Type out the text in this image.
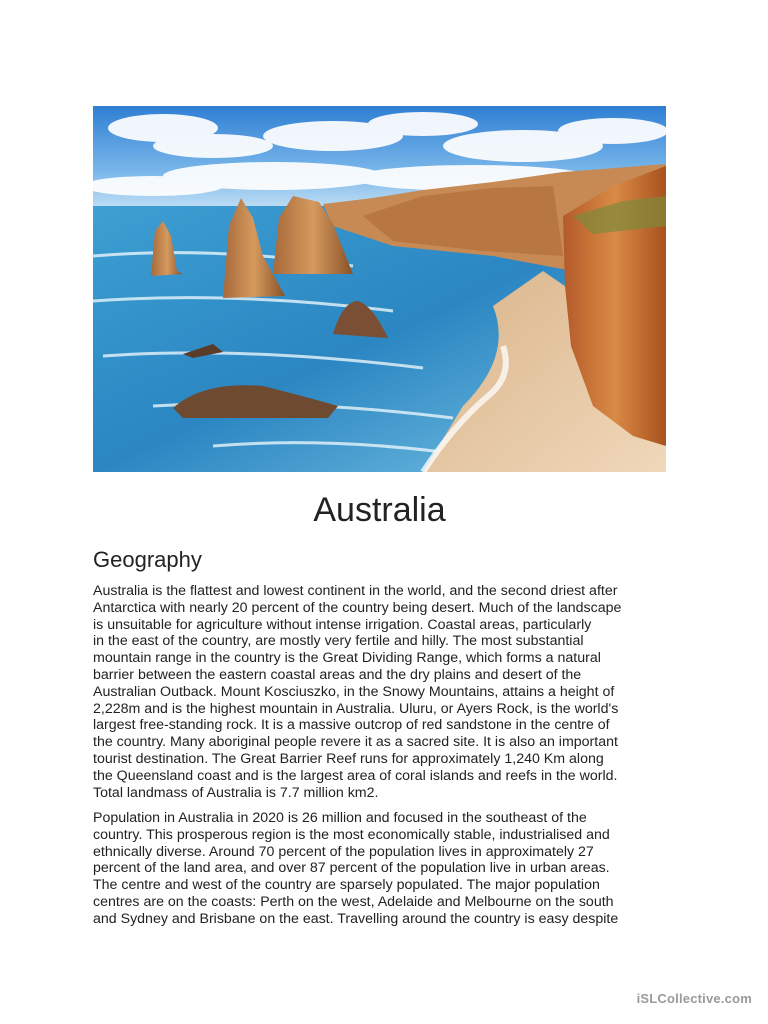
Australia
Geography

Australia is the flattest and lowest continent in the world, and the second driest after
Antarctica with nearly 20 percent of the country being desert. Much of the landscape
is unsuitable for agriculture without intense irrigation. Coastal areas, particularly
in the east of the country, are mostly very fertile and hilly. The most substantial
mountain range in the country is the Great Dividing Range, which forms a natural
barrier between the eastern coastal areas and the dry plains and desert of the
Australian Outback. Mount Kosciuszko, in the Snowy Mountains, attains a height of
2,228m and is the highest mountain in Australia. Uluru, or Ayers Rock, is the world's
largest free-standing rock. It is a massive outcrop of red sandstone in the centre of
the country. Many aboriginal people revere it as a sacred site. It is also an important
tourist destination. The Great Barrier Reef runs for approximately 1,240 Km along
the Queensland coast and is the largest area of coral islands and reefs in the world.
Total landmass of Australia is 7.7 million km2.

Population in Australia in 2020 is 26 million and focused in the southeast of the
country. This prosperous region is the most economically stable, industrialised and
ethnically diverse. Around 70 percent of the population lives in approximately 27
percent of the land area, and over 87 percent of the population live in urban areas.
The centre and west of the country are sparsely populated. The major population
centres are on the coasts: Perth on the west, Adelaide and Melbourne on the south
and Sydney and Brisbane on the east. Travelling around the country is easy despite

iSLCollective.com
